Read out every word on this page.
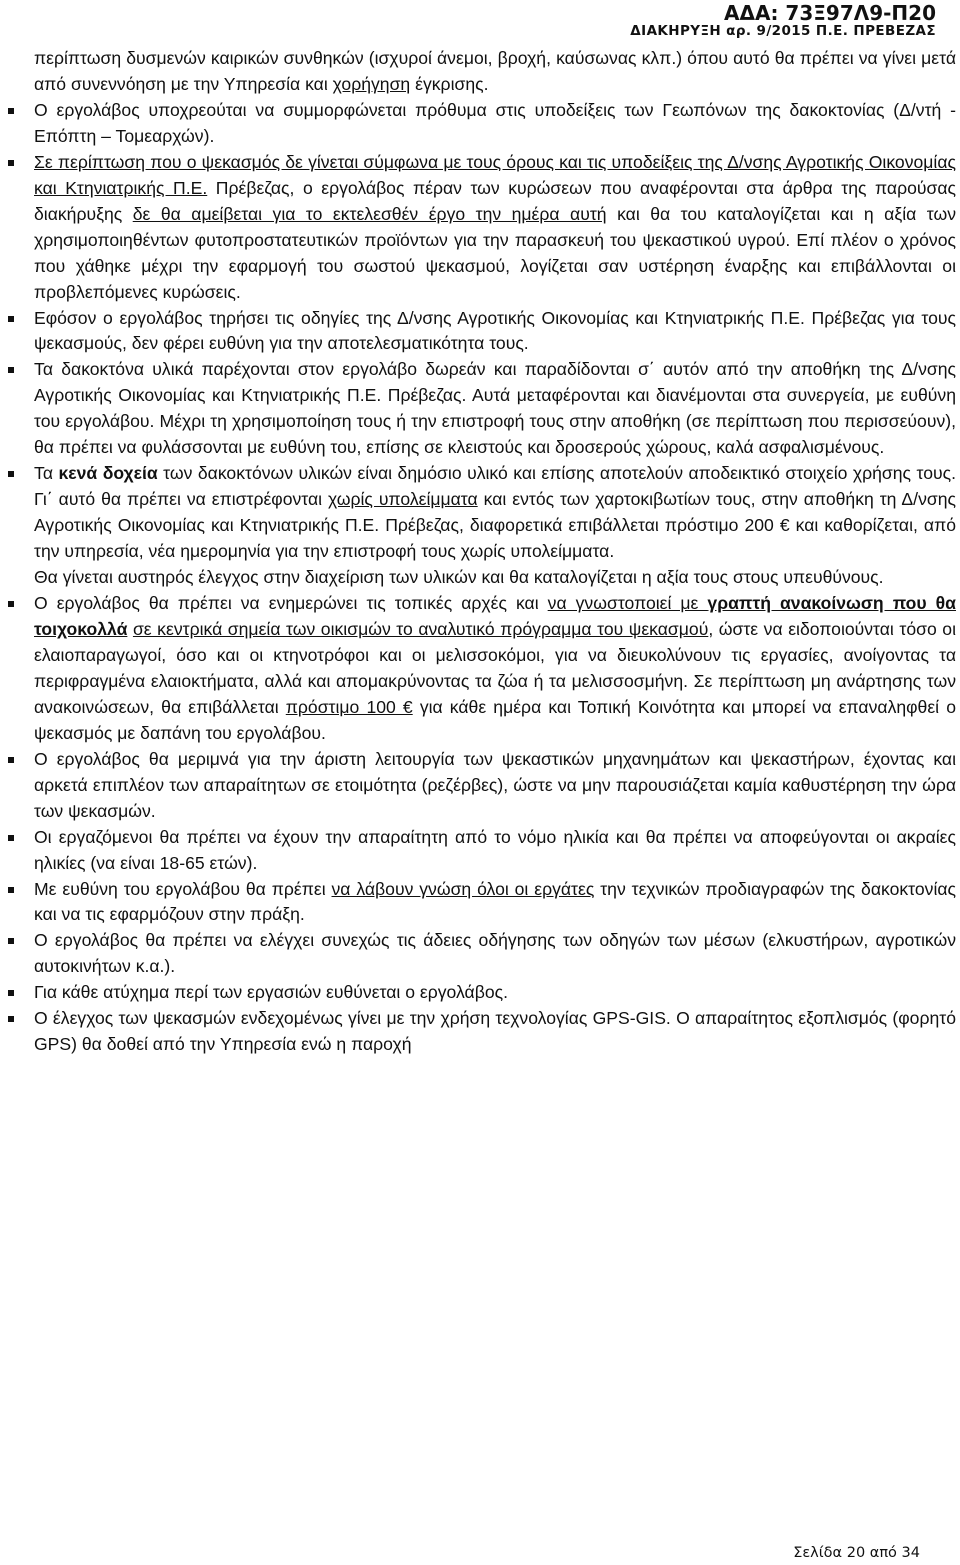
ΑΔΑ: 73Ξ97Λ9-Π20
ΔΙΑΚΗΡΥΞΗ αρ. 9/2015 Π.Ε. ΠΡΕΒΕΖΑΣ

περίπτωση δυσμενών καιρικών συνθηκών (ισχυροί άνεμοι, βροχή, καύσωνας κλπ.) όπου αυτό θα πρέπει να γίνει μετά από συνεννόηση με την Υπηρεσία και χορήγηση έγκρισης.

Ο εργολάβος υποχρεούται να συμμορφώνεται πρόθυμα στις υποδείξεις των Γεωπόνων της δακοκτονίας (Δ/ντή - Επόπτη – Τομεαρχών).

Σε περίπτωση που ο ψεκασμός δε γίνεται σύμφωνα με τους όρους και τις υποδείξεις της Δ/νσης Αγροτικής Οικονομίας και Κτηνιατρικής Π.Ε. Πρέβεζας, ο εργολάβος πέραν των κυρώσεων που αναφέρονται στα άρθρα της παρούσας διακήρυξης δε θα αμείβεται για το εκτελεσθέν έργο την ημέρα αυτή και θα του καταλογίζεται και η αξία των χρησιμοποιηθέντων φυτοπροστατευτικών προϊόντων για την παρασκευή του ψεκαστικού υγρού. Επί πλέον ο χρόνος που χάθηκε μέχρι την εφαρμογή του σωστού ψεκασμού, λογίζεται σαν υστέρηση έναρξης και επιβάλλονται οι προβλεπόμενες κυρώσεις.

Εφόσον ο εργολάβος τηρήσει τις οδηγίες της Δ/νσης Αγροτικής Οικονομίας και Κτηνιατρικής Π.Ε. Πρέβεζας για τους ψεκασμούς, δεν φέρει ευθύνη για την αποτελεσματικότητα τους.

Τα δακοκτόνα υλικά παρέχονται στον εργολάβο δωρεάν και παραδίδονται σ΄ αυτόν από την αποθήκη της Δ/νσης Αγροτικής Οικονομίας και Κτηνιατρικής Π.Ε. Πρέβεζας. Αυτά μεταφέρονται και διανέμονται στα συνεργεία, με ευθύνη του εργολάβου. Μέχρι τη χρησιμοποίηση τους ή την επιστροφή τους στην αποθήκη (σε περίπτωση που περισσεύουν), θα πρέπει να φυλάσσονται με ευθύνη του, επίσης σε κλειστούς και δροσερούς χώρους, καλά ασφαλισμένους.

Τα κενά δοχεία των δακοκτόνων υλικών είναι δημόσιο υλικό και επίσης αποτελούν αποδεικτικό στοιχείο χρήσης τους. Γι΄ αυτό θα πρέπει να επιστρέφονται χωρίς υπολείμματα και εντός των χαρτοκιβωτίων τους, στην αποθήκη τη Δ/νσης Αγροτικής Οικονομίας και Κτηνιατρικής Π.Ε. Πρέβεζας, διαφορετικά επιβάλλεται πρόστιμο 200 € και καθορίζεται, από την υπηρεσία, νέα ημερομηνία για την επιστροφή τους χωρίς υπολείμματα.

Θα γίνεται αυστηρός έλεγχος στην διαχείριση των υλικών και θα καταλογίζεται η αξία τους στους υπευθύνους.

Ο εργολάβος θα πρέπει να ενημερώνει τις τοπικές αρχές και να γνωστοποιεί με γραπτή ανακοίνωση που θα τοιχοκολλά σε κεντρικά σημεία των οικισμών το αναλυτικό πρόγραμμα του ψεκασμού, ώστε να ειδοποιούνται τόσο οι ελαιοπαραγωγοί, όσο και οι κτηνοτρόφοι και οι μελισσοκόμοι, για να διευκολύνουν τις εργασίες, ανοίγοντας τα περιφραγμένα ελαιοκτήματα, αλλά και απομακρύνοντας τα ζώα ή τα μελισσοσμήνη. Σε περίπτωση μη ανάρτησης των ανακοινώσεων, θα επιβάλλεται πρόστιμο 100 € για κάθε ημέρα και Τοπική Κοινότητα και μπορεί να επαναληφθεί ο ψεκασμός με δαπάνη του εργολάβου.

Ο εργολάβος θα μεριμνά για την άριστη λειτουργία των ψεκαστικών μηχανημάτων και ψεκαστήρων, έχοντας και αρκετά επιπλέον των απαραίτητων σε ετοιμότητα (ρεζέρβες), ώστε να μην παρουσιάζεται καμία καθυστέρηση την ώρα των ψεκασμών.

Οι εργαζόμενοι θα πρέπει να έχουν την απαραίτητη από το νόμο ηλικία και θα πρέπει να αποφεύγονται οι ακραίες ηλικίες (να είναι 18-65 ετών).

Με ευθύνη του εργολάβου θα πρέπει να λάβουν γνώση όλοι οι εργάτες την τεχνικών προδιαγραφών της δακοκτονίας και να τις εφαρμόζουν στην πράξη.

Ο εργολάβος θα πρέπει να ελέγχει συνεχώς τις άδειες οδήγησης των οδηγών των μέσων (ελκυστήρων, αγροτικών αυτοκινήτων κ.α.).

Για κάθε ατύχημα περί των εργασιών ευθύνεται ο εργολάβος.

Ο έλεγχος των ψεκασμών ενδεχομένως γίνει με την χρήση τεχνολογίας GPS-GIS. Ο απαραίτητος εξοπλισμός (φορητό GPS) θα δοθεί από την Υπηρεσία ενώ η παροχή

Σελίδα 20 από 34
